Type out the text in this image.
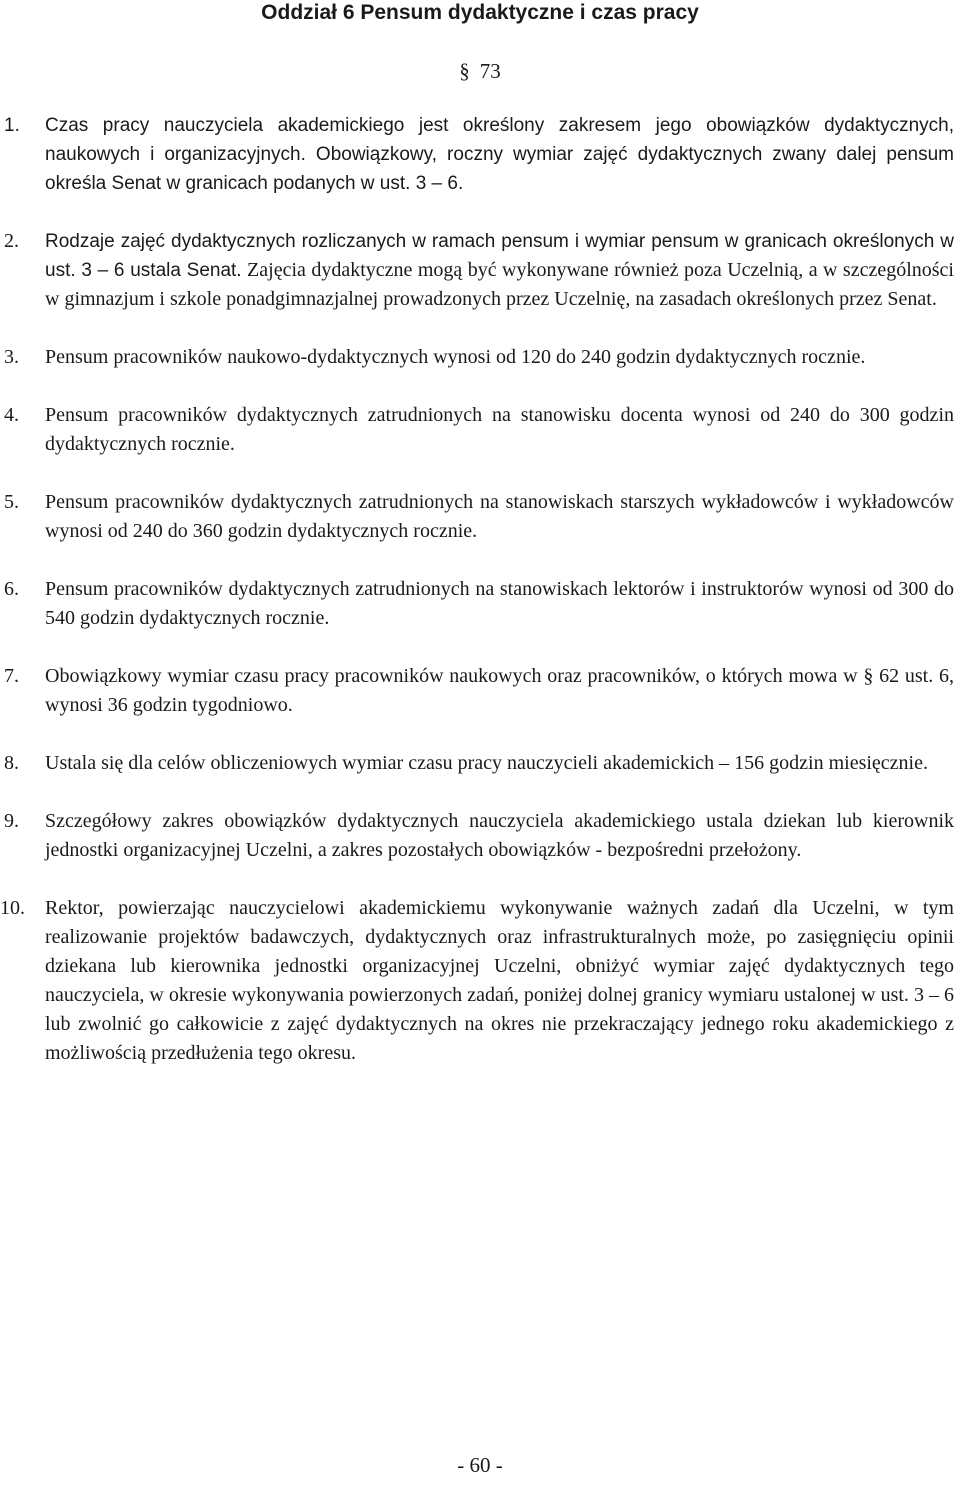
Oddział 6 Pensum dydaktyczne i czas pracy
§ 73
1. Czas pracy nauczyciela akademickiego jest określony zakresem jego obowiązków dydaktycznych, naukowych i organizacyjnych. Obowiązkowy, roczny wymiar zajęć dydaktycznych zwany dalej pensum określa Senat w granicach podanych w ust. 3 – 6.
2. Rodzaje zajęć dydaktycznych rozliczanych w ramach pensum i wymiar pensum w granicach określonych w ust. 3 – 6 ustala Senat. Zajęcia dydaktyczne mogą być wykonywane również poza Uczelnią, a w szczególności w gimnazjum i szkole ponadgimnazjalnej prowadzonych przez Uczelnię, na zasadach określonych przez Senat.
3. Pensum pracowników naukowo-dydaktycznych wynosi od 120 do 240 godzin dydaktycznych rocznie.
4. Pensum pracowników dydaktycznych zatrudnionych na stanowisku docenta wynosi od 240 do 300 godzin dydaktycznych rocznie.
5. Pensum pracowników dydaktycznych zatrudnionych na stanowiskach starszych wykładowców i wykładowców wynosi od 240 do 360 godzin dydaktycznych rocznie.
6. Pensum pracowników dydaktycznych zatrudnionych na stanowiskach lektorów i instruktorów wynosi od 300 do 540 godzin dydaktycznych rocznie.
7. Obowiązkowy wymiar czasu pracy pracowników naukowych oraz pracowników, o których mowa w § 62 ust. 6, wynosi 36 godzin tygodniowo.
8. Ustala się dla celów obliczeniowych wymiar czasu pracy nauczycieli akademickich – 156 godzin miesięcznie.
9. Szczegółowy zakres obowiązków dydaktycznych nauczyciela akademickiego ustala dziekan lub kierownik jednostki organizacyjnej Uczelni, a zakres pozostałych obowiązków - bezpośredni przełożony.
10. Rektor, powierzając nauczycielowi akademickiemu wykonywanie ważnych zadań dla Uczelni, w tym realizowanie projektów badawczych, dydaktycznych oraz infrastrukturalnych może, po zasięgnięciu opinii dziekana lub kierownika jednostki organizacyjnej Uczelni, obniżyć wymiar zajęć dydaktycznych tego nauczyciela, w okresie wykonywania powierzonych zadań, poniżej dolnej granicy wymiaru ustalonej w ust. 3 – 6 lub zwolnić go całkowicie z zajęć dydaktycznych na okres nie przekraczający jednego roku akademickiego z możliwością przedłużenia tego okresu.
- 60 -
